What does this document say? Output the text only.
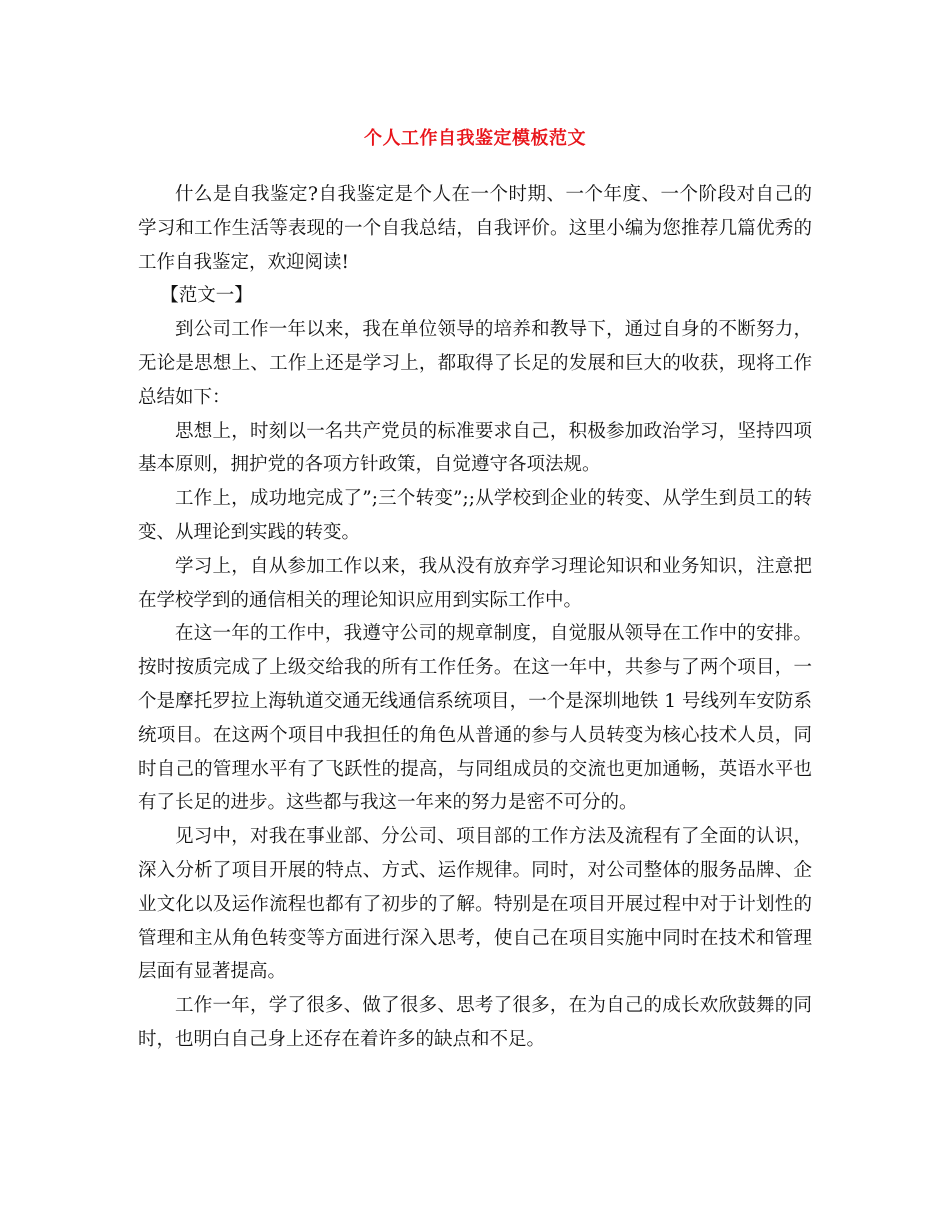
个人工作自我鉴定模板范文

什么是自我鉴定?自我鉴定是个人在一个时期、一个年度、一个阶段对自己的学习和工作生活等表现的一个自我总结，自我评价。这里小编为您推荐几篇优秀的工作自我鉴定，欢迎阅读!

【范文一】

到公司工作一年以来，我在单位领导的培养和教导下，通过自身的不断努力，无论是思想上、工作上还是学习上，都取得了长足的发展和巨大的收获，现将工作总结如下：

思想上，时刻以一名共产党员的标准要求自己，积极参加政治学习，坚持四项基本原则，拥护党的各项方针政策，自觉遵守各项法规。

工作上，成功地完成了”;三个转变”;;从学校到企业的转变、从学生到员工的转变、从理论到实践的转变。

学习上，自从参加工作以来，我从没有放弃学习理论知识和业务知识，注意把在学校学到的通信相关的理论知识应用到实际工作中。

在这一年的工作中，我遵守公司的规章制度，自觉服从领导在工作中的安排。按时按质完成了上级交给我的所有工作任务。在这一年中，共参与了两个项目，一个是摩托罗拉上海轨道交通无线通信系统项目，一个是深圳地铁 1 号线列车安防系统项目。在这两个项目中我担任的角色从普通的参与人员转变为核心技术人员，同时自己的管理水平有了飞跃性的提高，与同组成员的交流也更加通畅，英语水平也有了长足的进步。这些都与我这一年来的努力是密不可分的。

见习中，对我在事业部、分公司、项目部的工作方法及流程有了全面的认识，深入分析了项目开展的特点、方式、运作规律。同时，对公司整体的服务品牌、企业文化以及运作流程也都有了初步的了解。特别是在项目开展过程中对于计划性的管理和主从角色转变等方面进行深入思考，使自己在项目实施中同时在技术和管理层面有显著提高。

工作一年，学了很多、做了很多、思考了很多，在为自己的成长欢欣鼓舞的同时，也明白自己身上还存在着许多的缺点和不足。
